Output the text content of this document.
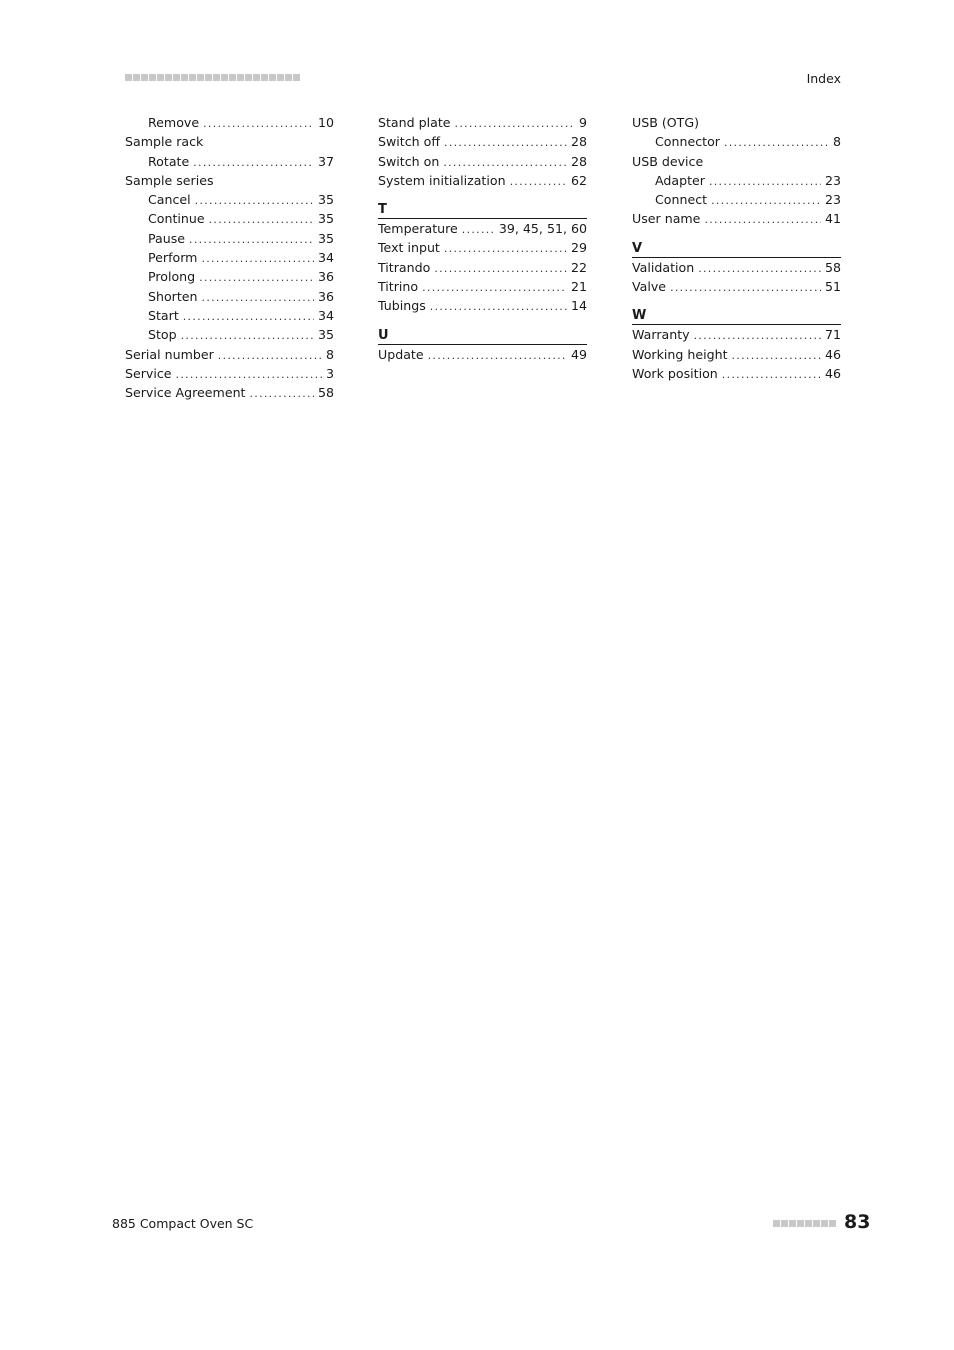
Index
Remove .....	10
Sample rack
Rotate .....	37
Sample series
Cancel .....	35
Continue .....	35
Pause .....	35
Perform .....	34
Prolong .....	36
Shorten .....	36
Start .....	34
Stop .....	35
Serial number .....	8
Service .....	3
Service Agreement .....	58
Stand plate .....	9
Switch off .....	28
Switch on .....	28
System initialization .....	62
T
Temperature .....	39, 45, 51, 60
Text input .....	29
Titrando .....	22
Titrino .....	21
Tubings .....	14
U
Update .....	49
USB (OTG)
Connector .....	8
USB device
Adapter .....	23
Connect .....	23
User name .....	41
V
Validation .....	58
Valve .....	51
W
Warranty .....	71
Working height .....	46
Work position .....	46
885 Compact Oven SC	83
